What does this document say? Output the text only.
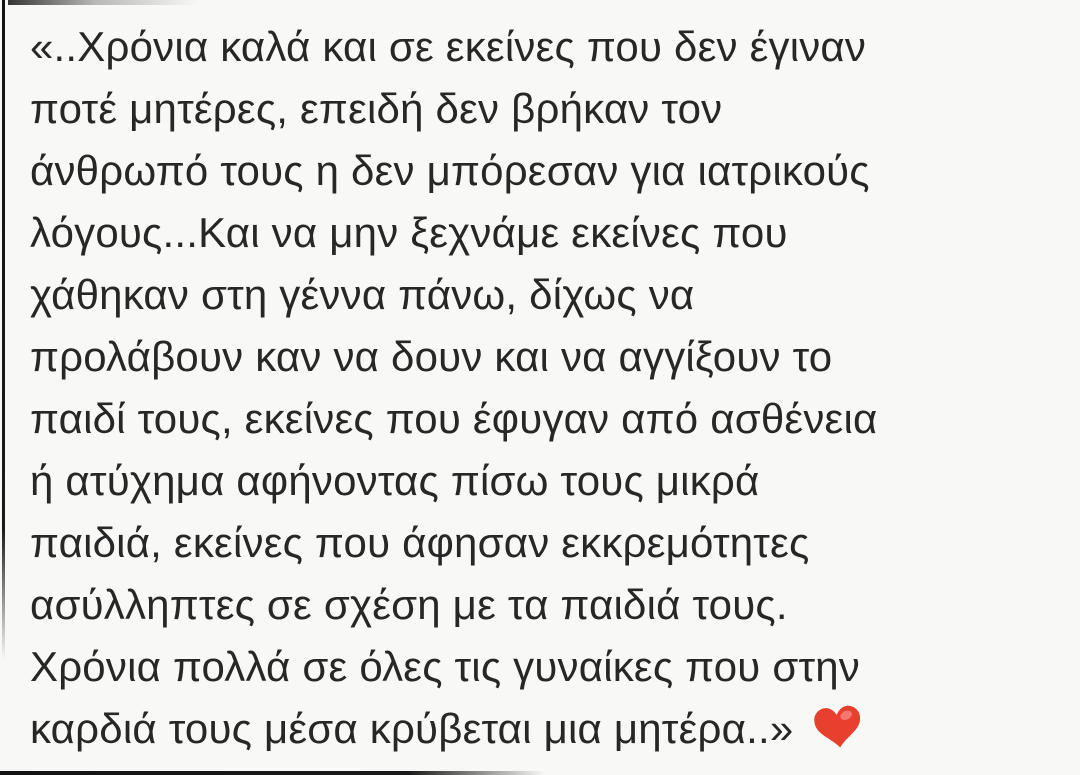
«..Χρόνια καλά και σε εκείνες που δεν έγιναν
ποτέ μητέρες, επειδή δεν βρήκαν τον
άνθρωπό τους η δεν μπόρεσαν για ιατρικούς
λόγους...Και να μην ξεχνάμε εκείνες που
χάθηκαν στη γέννα πάνω, δίχως να
προλάβουν καν να δουν και να αγγίξουν το
παιδί τους, εκείνες που έφυγαν από ασθένεια
ή ατύχημα αφήνοντας πίσω τους μικρά
παιδιά, εκείνες που άφησαν εκκρεμότητες
ασύλληπτες σε σχέση με τα παιδιά τους.
Χρόνια πολλά σε όλες τις γυναίκες που στην
καρδιά τους μέσα κρύβεται μια μητέρα..»
